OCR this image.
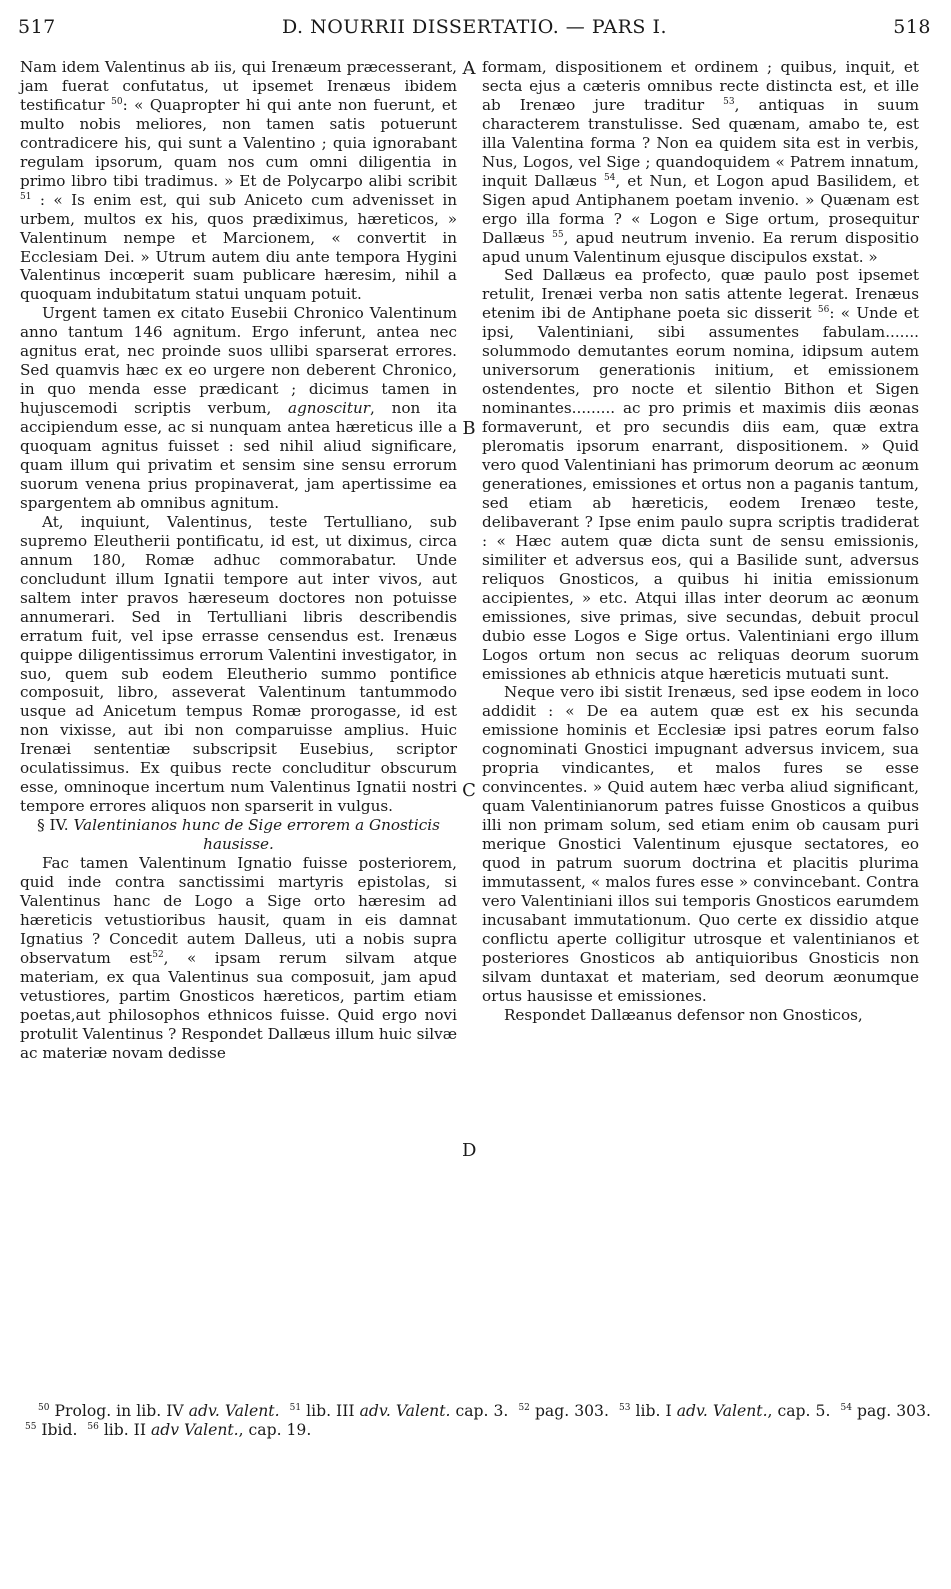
517	D. NOURRII DISSERTATIO. — PARS I.	518

Nam idem Valentinus ab iis, qui Irenæum præcesserant, jam fuerat confutatus, ut ipsemet Irenæus ibidem testificatur $^{50}$: « Quapropter hi qui ante non fuerunt, et multo nobis meliores, non tamen satis potuerunt contradicere his, qui sunt a Valentino ; quia ignorabant regulam ipsorum, quam nos cum omni diligentia in primo libro tibi tradimus. » Et de Polycarpo alibi scribit $^{51}$ : « Is enim est, qui sub Aniceto cum advenisset in urbem, multos ex his, quos prædiximus, hæreticos, » Valentinum nempe et Marcionem, « convertit in Ecclesiam Dei. » Utrum autem diu ante tempora Hygini Valentinus incœperit suam publicare hæresim, nihil a quoquam indubitatum statui unquam potuit.

Urgent tamen ex citato Eusebii Chronico Valentinum anno tantum 146 agnitum. Ergo inferunt, antea nec agnitus erat, nec proinde suos ullibi sparserat errores. Sed quamvis hæc ex eo urgere non deberent Chronico, in quo menda esse prædicant ; dicimus tamen in hujuscemodi scriptis verbum, agnoscitur, non ita accipiendum esse, ac si nunquam antea hæreticus ille a quoquam agnitus fuisset : sed nihil aliud significare, quam illum qui privatim et sensim sine sensu errorum suorum venena prius propinaverat, jam apertissime ea spargentem ab omnibus agnitum.

At, inquiunt, Valentinus, teste Tertulliano, sub supremo Eleutherii pontificatu, id est, ut diximus, circa annum 180, Romæ adhuc commorabatur. Unde concludunt illum Ignatii tempore aut inter vivos, aut saltem inter pravos hæreseum doctores non potuisse annumerari. Sed in Tertulliani libris describendis erratum fuit, vel ipse errasse censendus est. Irenæus quippe diligentissimus errorum Valentini investigator, in suo, quem sub eodem Eleutherio summo pontifice composuit, libro, asseverat Valentinum tantummodo usque ad Anicetum tempus Romæ prorogasse, id est non vixisse, aut ibi non comparuisse amplius. Huic Irenæi sententiæ subscripsit Eusebius, scriptor oculatissimus. Ex quibus recte concluditur obscurum esse, omninoque incertum num Valentinus Ignatii nostri tempore errores aliquos non sparserit in vulgus.

§ IV. Valentinianos hunc de Sige errorem a Gnosticis hausisse.

Fac tamen Valentinum Ignatio fuisse posteriorem, quid inde contra sanctissimi martyris epistolas, si Valentinus hanc de Logo a Sige orto hæresim ad hæreticis vetustioribus hausit, quam in eis damnat Ignatius ? Concedit autem Dalleus, uti a nobis supra observatum est$^{52}$, « ipsam rerum silvam atque materiam, ex qua Valentinus sua composuit, jam apud vetustiores, partim Gnosticos hæreticos, partim etiam poetas,aut philosophos ethnicos fuisse. Quid ergo novi protulit Valentinus ? Respondet Dallæus illum huic silvæ ac materiæ novam dedisse

formam, dispositionem et ordinem ; quibus, inquit, et secta ejus a cæteris omnibus recte distincta est, et ille ab Irenæo jure traditur $^{53}$, antiquas in suum characterem transtulisse. Sed quænam, amabo te, est illa Valentina forma ? Non ea quidem sita est in verbis, Nus, Logos, vel Sige ; quandoquidem « Patrem innatum, inquit Dallæus $^{54}$, et Nun, et Logon apud Basilidem, et Sigen apud Antiphanem poetam invenio. » Quænam est ergo illa forma ? « Logon e Sige ortum, prosequitur Dallæus $^{55}$, apud neutrum invenio. Ea rerum dispositio apud unum Valentinum ejusque discipulos exstat. »

Sed Dallæus ea profecto, quæ paulo post ipsemet retulit, Irenæi verba non satis attente legerat. Irenæus etenim ibi de Antiphane poeta sic disserit $^{56}$: « Unde et ipsi, Valentiniani, sibi assumentes fabulam....... solummodo demutantes eorum nomina, idipsum autem universorum generationis initium, et emissionem ostendentes, pro nocte et silentio Bithon et Sigen nominantes......... ac pro primis et maximis diis æonas formaverunt, et pro secundis diis eam, quæ extra pleromatis ipsorum enarrant, dispositionem. » Quid vero quod Valentiniani has primorum deorum ac æonum generationes, emissiones et ortus non a paganis tantum, sed etiam ab hæreticis, eodem Irenæo teste, delibaverant ? Ipse enim paulo supra scriptis tradiderat : « Hæc autem quæ dicta sunt de sensu emissionis, similiter et adversus eos, qui a Basilide sunt, adversus reliquos Gnosticos, a quibus hi initia emissionum accipientes, » etc. Atqui illas inter deorum ac æonum emissiones, sive primas, sive secundas, debuit procul dubio esse Logos e Sige ortus. Valentiniani ergo illum Logos ortum non secus ac reliquas deorum suorum emissiones ab ethnicis atque hæreticis mutuati sunt.

Neque vero ibi sistit Irenæus, sed ipse eodem in loco addidit : « De ea autem quæ est ex his secunda emissione hominis et Ecclesiæ ipsi patres eorum falso cognominati Gnostici impugnant adversus invicem, sua propria vindicantes, et malos fures se esse convincentes. » Quid autem hæc verba aliud significant, quam Valentinianorum patres fuisse Gnosticos a quibus illi non primam solum, sed etiam enim ob causam puri merique Gnostici Valentinum ejusque sectatores, eo quod in patrum suorum doctrina et placitis plurima immutassent, « malos fures esse » convincebant. Contra vero Valentiniani illos sui temporis Gnosticos earumdem incusabant immutationum. Quo certe ex dissidio atque conflictu aperte colligitur utrosque et valentinianos et posteriores Gnosticos ab antiquioribus Gnosticis non silvam duntaxat et materiam, sed deorum æonumque ortus hausisse et emissiones.

Respondet Dallæanus defensor non Gnosticos,

A
B
C
D

$^{50}$ Prolog. in lib. IV adv. Valent. $^{51}$ lib. III adv. Valent. cap. 3. $^{52}$ pag. 303. $^{53}$ lib. I adv. Valent., cap. 5. $^{54}$ pag. 303.  $^{55}$ Ibid. $^{56}$ lib. II adv Valent., cap. 19.
